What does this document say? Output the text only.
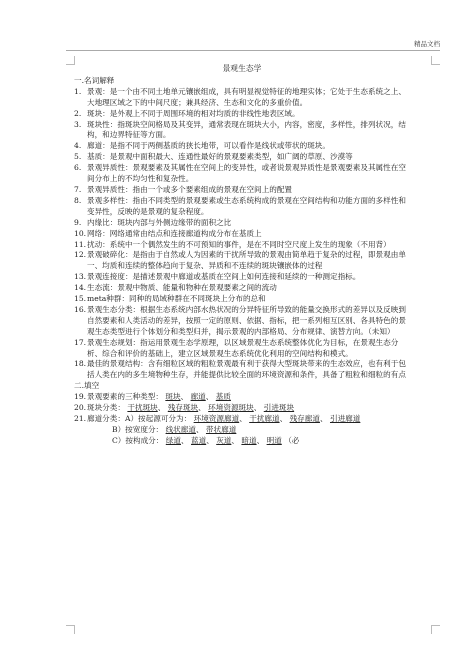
精品文档
景观生态学
一.名词解释
1. 景观：是一个由不同土地单元镶嵌组成，具有明显视觉特征的地理实体；它处于生态系统之上、大地理区域之下的中间尺度；兼具经济、生态和文化的多重价值。
2. 斑块：是外观上不同于周围环境的相对均质的非线性地表区域。
3. 斑块性：指斑块空间格局及其变异，通常表现在斑块大小，内容，密度，多样性，排列状况，结构，和边界特征等方面。
4. 廊道：是指不同于两侧基质的狭长地带，可以看作是线状或带状的斑块。
5. 基质：是景观中面积最大、连通性最好的景观要素类型，如广阔的草原、沙漠等
6. 景观异质性：景观要素及其属性在空间上的变异性，或者说景观异质性是景观要素及其属性在空间分布上的不均匀性和复杂性。
7. 景观异质性：指由一个或多个要素组成的景观在空间上的配置
8. 景观多样性：指由不同类型的景观要素或生态系统构成的景观在空间结构和功能方面的多样性和变异性，反映的是景观的复杂程度。
9. 内缘比：斑块内部与外侧边缘带的面积之比
10. 网络：网络通常由结点和连接廊道构成分布在基质上
11. 扰动：系统中一个偶然发生的不可预知的事件，是在不同时空尺度上发生的现象（不用背）
12. 景观破碎化：是指由于自然或人为因素的干扰所导致的景观由简单趋于复杂的过程，即景观由单一、均质和连续的整体趋向于复杂、异质和不连续的斑块镶嵌体的过程
13. 景观连接度：是描述景观中廊道或基质在空间上如何连接和延续的一种测定指标。
14. 生态流：景观中物质、能量和物种在景观要素之间的流动
15. meta种群：同种的局域种群在不同斑块上分布的总和
16. 景观生态分类：根据生态系统内部水热状况的分异特征所导致的能量交换形式的差异以及反映到自然要素和人类活动的差异，按照一定的原则、依据、指标，把一系列相互区别、各具特色的景观生态类型进行个体划分和类型归并，揭示景观的内部格局、分布规律、演替方向。（未知）
17. 景观生态规划：指运用景观生态学原理，以区域景观生态系统整体优化为目标，在景观生态分析、综合和评价的基础上，建立区域景观生态系统优化利用的空间结构和模式。
18. 最佳的景观结构：含有细粒区域的粗粒景观最有利于获得大型斑块带来的生态效应，也有利于包括人类在内的多生境物种生存，并能提供比较全面的环境资源和条件，具备了粗粒和细粒的有点
二.填空
19. 景观要素的三种类型： 斑块、 廊道、 基质
20. 斑块分类： 干扰斑块、 残存斑块、 环境资源斑块、 引进斑块
21. 廊道分类：A）按起源可分为： 环境资源廊道、 干扰廊道、 残存廊道、 引进廊道
B）按宽度分： 线状廊道、 带状廊道
C）按构成分： 绿道、 蓝道、 灰道、 暗道、 明道 （必
